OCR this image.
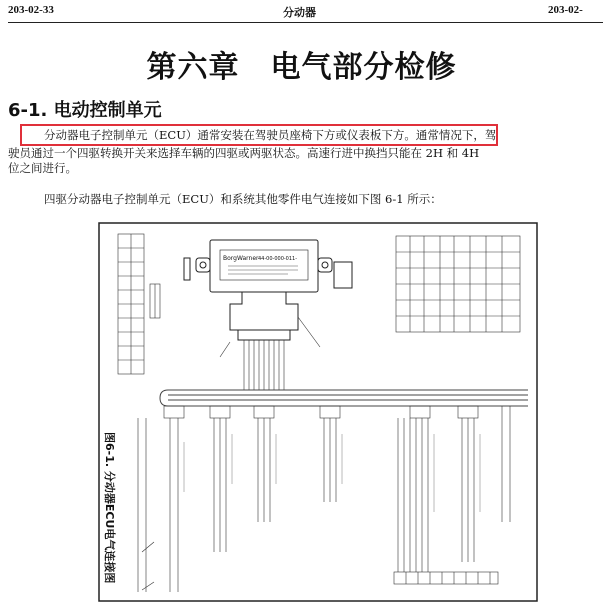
203-02-33	分动器	203-02-
第六章　电气部分检修
6-1. 电动控制单元
分动器电子控制单元（ECU）通常安装在驾驶员座椅下方或仪表板下方。通常情况下，驾
驶员通过一个四驱转换开关来选择车辆的四驱或两驱状态。高速行进中换挡只能在 2H 和 4H
位之间进行。
四驱分动器电子控制单元（ECU）和系统其他零件电气连接如下图 6-1 所示：
BorgWarner 44-00-000-011-
图6-1. 分动器ECU电气连接图
